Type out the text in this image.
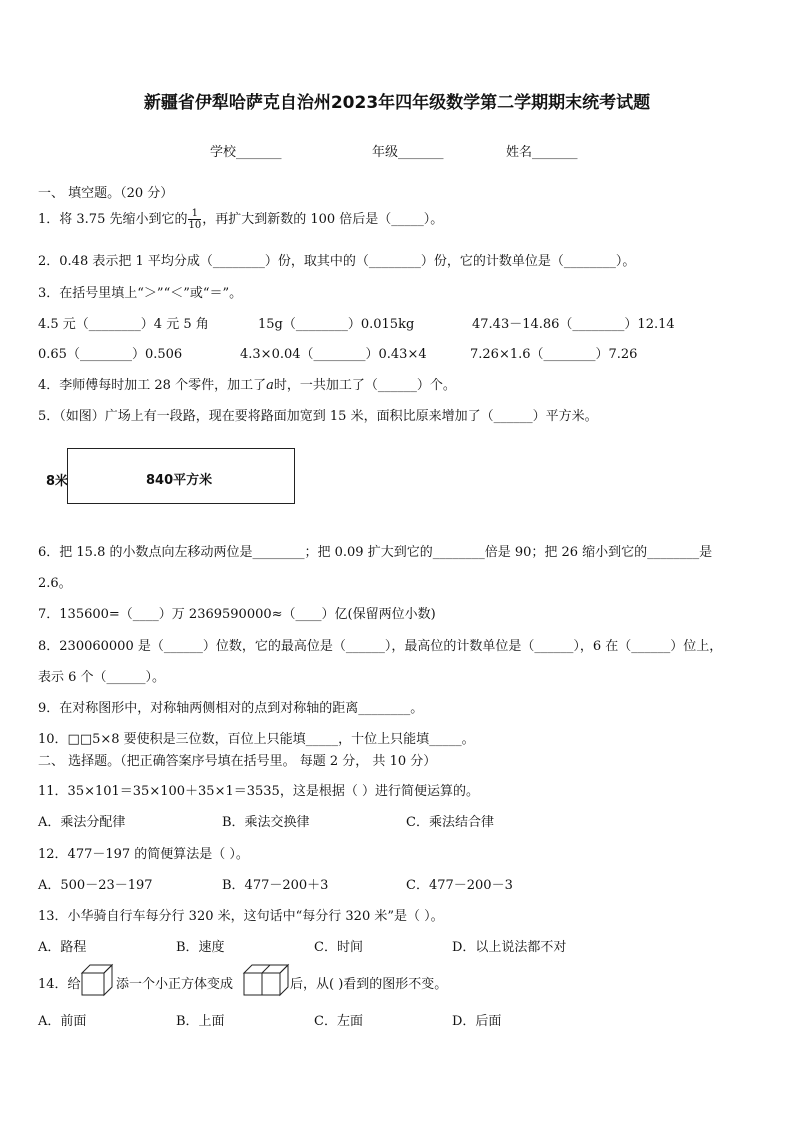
新疆省伊犁哈萨克自治州2023年四年级数学第二学期期末统考试题
学校_______	年级_______	姓名_______
一、 填空题。（20 分）
1．将 3.75 先缩小到它的 $\frac{1}{10}$ ，再扩大到新数的 100 倍后是（_____）。
2．0.48 表示把 1 平均分成（________）份，取其中的（________）份，它的计数单位是（________）。
3．在括号里填上“＞”“＜”或“＝”。
4.5 元（________）4 元 5 角	15g（________）0.015kg	47.43－14.86（________）12.14
0.65（________）0.506	4.3×0.04（________）0.43×4	7.26×1.6（________）7.26
4．李师傅每时加工 28 个零件，加工了a时，一共加工了（______）个。
5．（如图）广场上有一段路，现在要将路面加宽到 15 米，面积比原来增加了（______）平方米。
8米	840平方米
6．把 15.8 的小数点向左移动两位是________；把 0.09 扩大到它的________倍是 90；把 26 缩小到它的________是
2.6。
7．135600=（____）万 2369590000≈（____）亿(保留两位小数)
8．230060000 是（______）位数，它的最高位是（______），最高位的计数单位是（______），6 在（______）位上，
表示 6 个（______）。
9．在对称图形中，对称轴两侧相对的点到对称轴的距离________。
10．□□5×8 要使积是三位数，百位上只能填_____，十位上只能填_____。
二、 选择题。（把正确答案序号填在括号里。 每题 2 分， 共 10 分）
11．35×101＝35×100＋35×1＝3535，这是根据（ ）进行简便运算的。
A．乘法分配律	B．乘法交换律	C．乘法结合律
12．477－197 的简便算法是（ ）。
A．500－23－197	B．477－200＋3	C．477－200－3
13．小华骑自行车每分行 320 米，这句话中“每分行 320 米”是（ ）。
A．路程	B．速度	C．时间	D．以上说法都不对
14．给	添一个小正方体变成	后，从( )看到的图形不变。
A．前面	B．上面	C．左面	D．后面
